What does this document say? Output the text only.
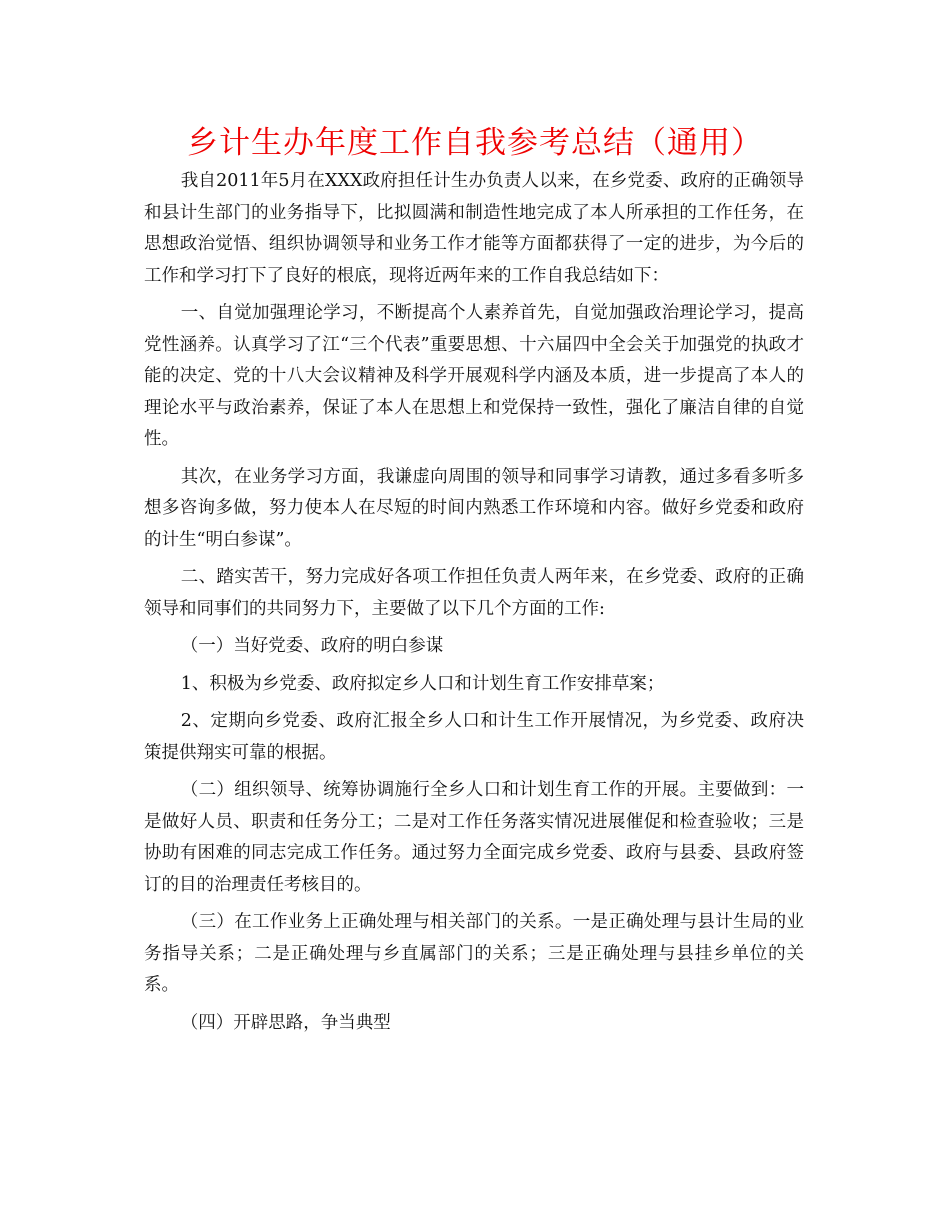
乡计生办年度工作自我参考总结（通用）

我自2011年5月在XXX政府担任计生办负责人以来，在乡党委、政府的正确领导和县计生部门的业务指导下，比拟圆满和制造性地完成了本人所承担的工作任务，在思想政治觉悟、组织协调领导和业务工作才能等方面都获得了一定的进步，为今后的工作和学习打下了良好的根底，现将近两年来的工作自我总结如下：

一、自觉加强理论学习，不断提高个人素养首先，自觉加强政治理论学习，提高党性涵养。认真学习了江“三个代表”重要思想、十六届四中全会关于加强党的执政才能的决定、党的十八大会议精神及科学开展观科学内涵及本质，进一步提高了本人的理论水平与政治素养，保证了本人在思想上和党保持一致性，强化了廉洁自律的自觉性。

其次，在业务学习方面，我谦虚向周围的领导和同事学习请教，通过多看多听多想多咨询多做，努力使本人在尽短的时间内熟悉工作环境和内容。做好乡党委和政府的计生“明白参谋”。

二、踏实苦干，努力完成好各项工作担任负责人两年来，在乡党委、政府的正确领导和同事们的共同努力下，主要做了以下几个方面的工作:

（一）当好党委、政府的明白参谋

1、积极为乡党委、政府拟定乡人口和计划生育工作安排草案；

2、定期向乡党委、政府汇报全乡人口和计生工作开展情况，为乡党委、政府决策提供翔实可靠的根据。

（二）组织领导、统筹协调施行全乡人口和计划生育工作的开展。主要做到：一是做好人员、职责和任务分工；二是对工作任务落实情况进展催促和检查验收；三是协助有困难的同志完成工作任务。通过努力全面完成乡党委、政府与县委、县政府签订的目的治理责任考核目的。

（三）在工作业务上正确处理与相关部门的关系。一是正确处理与县计生局的业务指导关系；二是正确处理与乡直属部门的关系；三是正确处理与县挂乡单位的关系。

（四）开辟思路，争当典型
